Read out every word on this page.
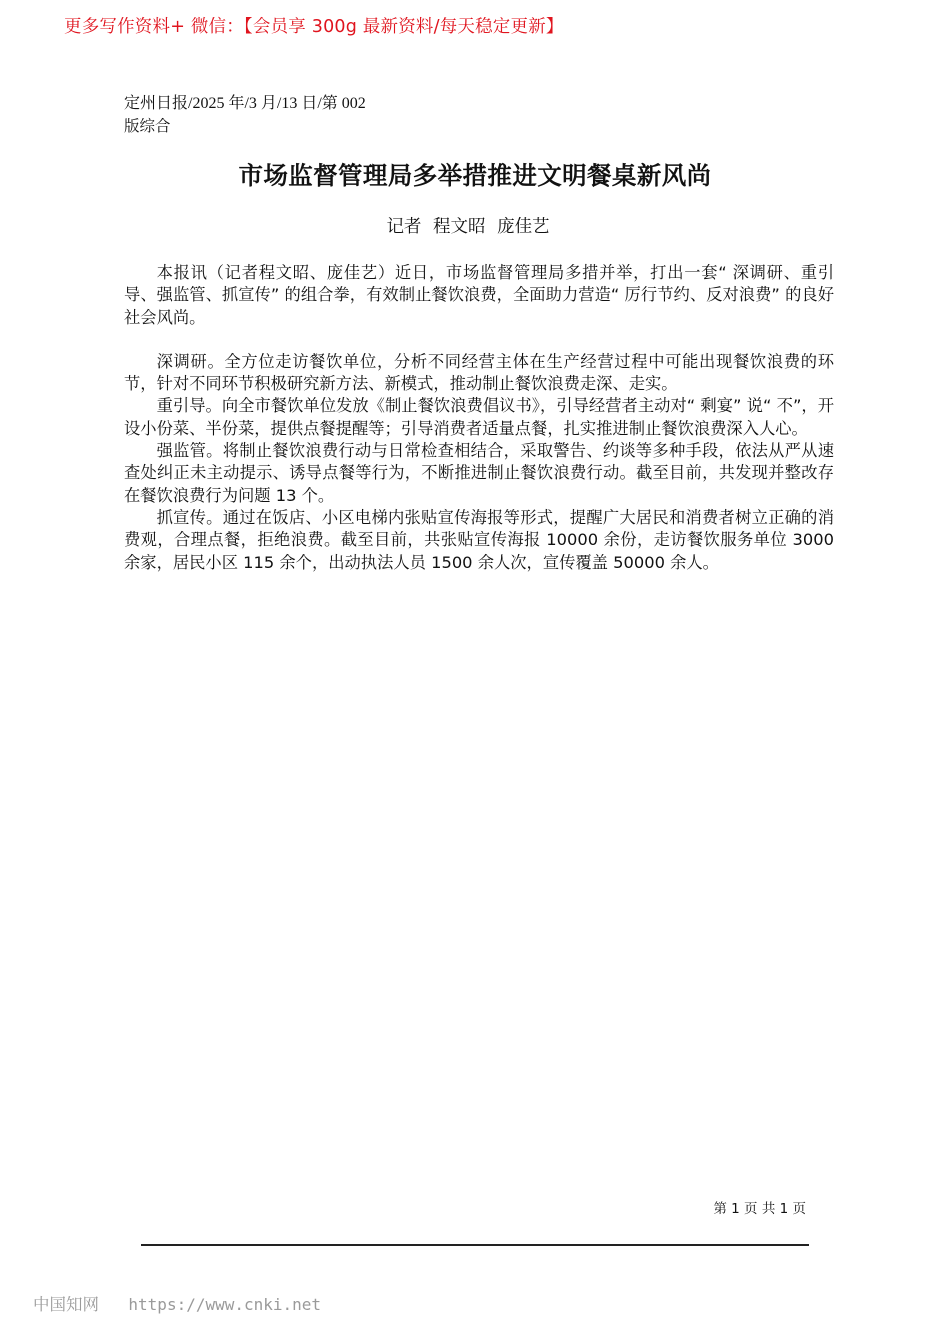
更多写作资料+ 微信：【会员享 300g 最新资料/每天稳定更新】
定州日报/2025 年/3 月/13 日/第 002
版综合
市场监督管理局多举措推进文明餐桌新风尚
记者 程文昭 庞佳艺

本报讯（记者程文昭、庞佳艺）近日，市场监督管理局多措并举，打出一套“ 深调研、重引导、强监管、抓宣传” 的组合拳，有效制止餐饮浪费，全面助力营造“ 厉行节约、反对浪费” 的良好社会风尚。

深调研。全方位走访餐饮单位，分析不同经营主体在生产经营过程中可能出现餐饮浪费的环节，针对不同环节积极研究新方法、新模式，推动制止餐饮浪费走深、走实。

重引导。向全市餐饮单位发放《制止餐饮浪费倡议书》，引导经营者主动对“ 剩宴” 说“ 不”，开设小份菜、半份菜，提供点餐提醒等；引导消费者适量点餐，扎实推进制止餐饮浪费深入人心。

强监管。将制止餐饮浪费行动与日常检查相结合，采取警告、约谈等多种手段，依法从严从速查处纠正未主动提示、诱导点餐等行为，不断推进制止餐饮浪费行动。截至目前，共发现并整改存在餐饮浪费行为问题 13 个。

抓宣传。通过在饭店、小区电梯内张贴宣传海报等形式，提醒广大居民和消费者树立正确的消费观，合理点餐，拒绝浪费。截至目前，共张贴宣传海报 10000 余份，走访餐饮服务单位 3000 余家，居民小区 115 余个，出动执法人员 1500 余人次，宣传覆盖 50000 余人。

第 1 页 共 1 页
中国知网 https://www.cnki.net
